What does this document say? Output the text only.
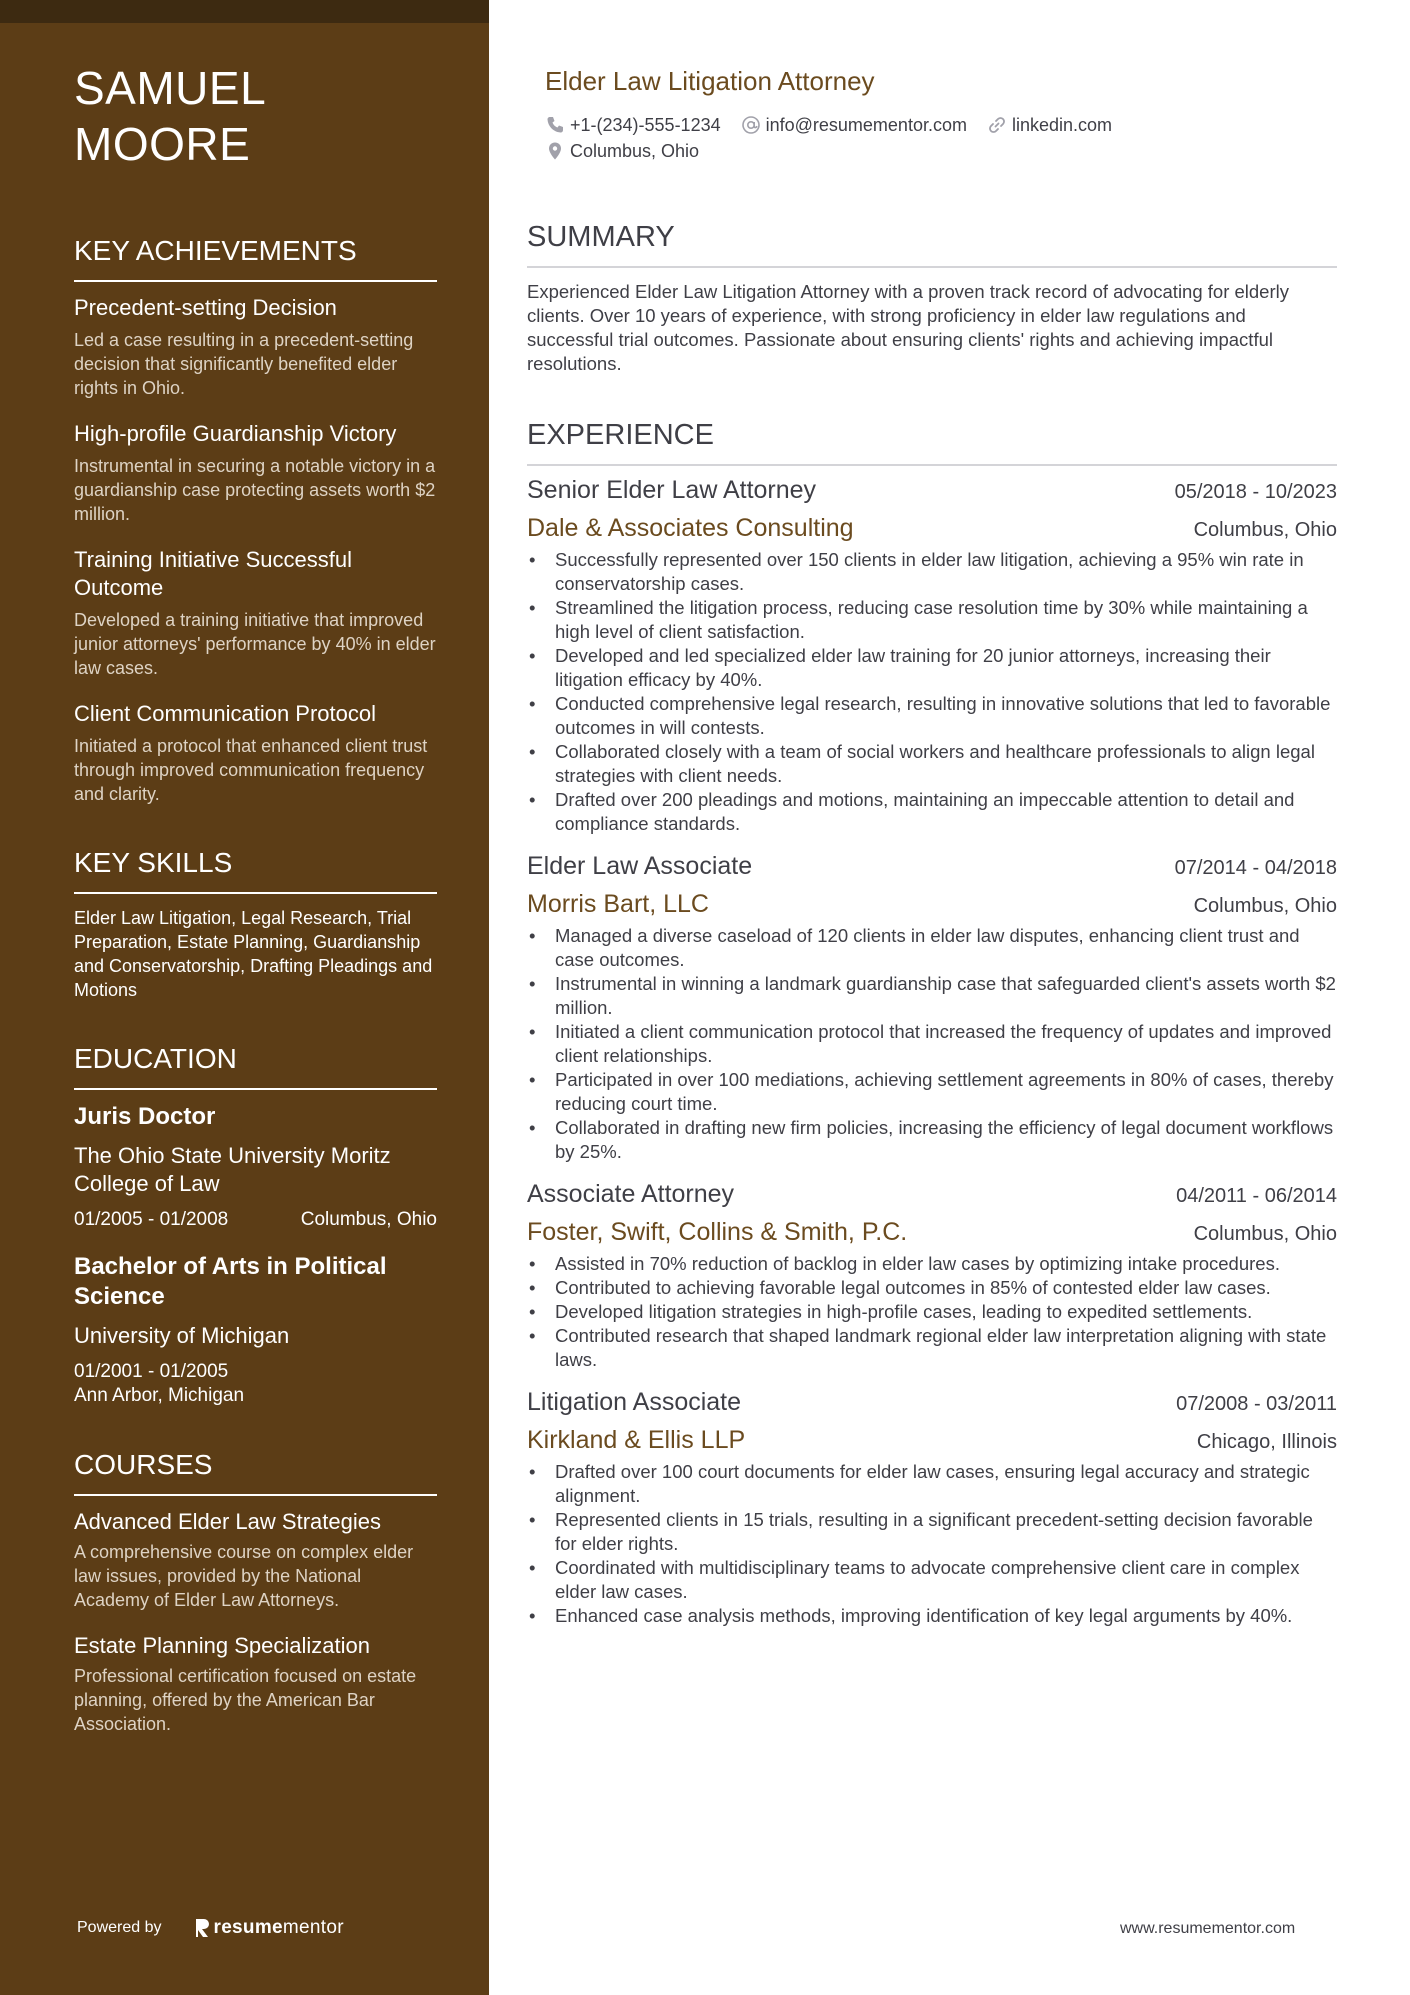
SAMUEL MOORE
KEY ACHIEVEMENTS
Precedent-setting Decision
Led a case resulting in a precedent-setting decision that significantly benefited elder rights in Ohio.
High-profile Guardianship Victory
Instrumental in securing a notable victory in a guardianship case protecting assets worth $2 million.
Training Initiative Successful Outcome
Developed a training initiative that improved junior attorneys' performance by 40% in elder law cases.
Client Communication Protocol
Initiated a protocol that enhanced client trust through improved communication frequency and clarity.
KEY SKILLS
Elder Law Litigation, Legal Research, Trial Preparation, Estate Planning, Guardianship and Conservatorship, Drafting Pleadings and Motions
EDUCATION
Juris Doctor
The Ohio State University Moritz College of Law
01/2005 - 01/2008	Columbus, Ohio
Bachelor of Arts in Political Science
University of Michigan
01/2001 - 01/2005
Ann Arbor, Michigan
COURSES
Advanced Elder Law Strategies
A comprehensive course on complex elder law issues, provided by the National Academy of Elder Law Attorneys.
Estate Planning Specialization
Professional certification focused on estate planning, offered by the American Bar Association.
Powered by	resume mentor
Elder Law Litigation Attorney
+1-(234)-555-1234	info@resumementor.com	linkedin.com
Columbus, Ohio
SUMMARY

Experienced Elder Law Litigation Attorney with a proven track record of advocating for elderly clients. Over 10 years of experience, with strong proficiency in elder law regulations and successful trial outcomes. Passionate about ensuring clients' rights and achieving impactful resolutions.

EXPERIENCE
Senior Elder Law Attorney	05/2018 - 10/2023
Dale & Associates Consulting	Columbus, Ohio
• Successfully represented over 150 clients in elder law litigation, achieving a 95% win rate in conservatorship cases.
• Streamlined the litigation process, reducing case resolution time by 30% while maintaining a high level of client satisfaction.
• Developed and led specialized elder law training for 20 junior attorneys, increasing their litigation efficacy by 40%.
• Conducted comprehensive legal research, resulting in innovative solutions that led to favorable outcomes in will contests.
• Collaborated closely with a team of social workers and healthcare professionals to align legal strategies with client needs.
• Drafted over 200 pleadings and motions, maintaining an impeccable attention to detail and compliance standards.
Elder Law Associate	07/2014 - 04/2018
Morris Bart, LLC	Columbus, Ohio
• Managed a diverse caseload of 120 clients in elder law disputes, enhancing client trust and case outcomes.
• Instrumental in winning a landmark guardianship case that safeguarded client's assets worth $2 million.
• Initiated a client communication protocol that increased the frequency of updates and improved client relationships.
• Participated in over 100 mediations, achieving settlement agreements in 80% of cases, thereby reducing court time.
• Collaborated in drafting new firm policies, increasing the efficiency of legal document workflows by 25%.
Associate Attorney	04/2011 - 06/2014
Foster, Swift, Collins & Smith, P.C.	Columbus, Ohio
• Assisted in 70% reduction of backlog in elder law cases by optimizing intake procedures.
• Contributed to achieving favorable legal outcomes in 85% of contested elder law cases.
• Developed litigation strategies in high-profile cases, leading to expedited settlements.
• Contributed research that shaped landmark regional elder law interpretation aligning with state laws.
Litigation Associate	07/2008 - 03/2011
Kirkland & Ellis LLP	Chicago, Illinois
• Drafted over 100 court documents for elder law cases, ensuring legal accuracy and strategic alignment.
• Represented clients in 15 trials, resulting in a significant precedent-setting decision favorable for elder rights.
• Coordinated with multidisciplinary teams to advocate comprehensive client care in complex elder law cases.
• Enhanced case analysis methods, improving identification of key legal arguments by 40%.
www.resumementor.com
